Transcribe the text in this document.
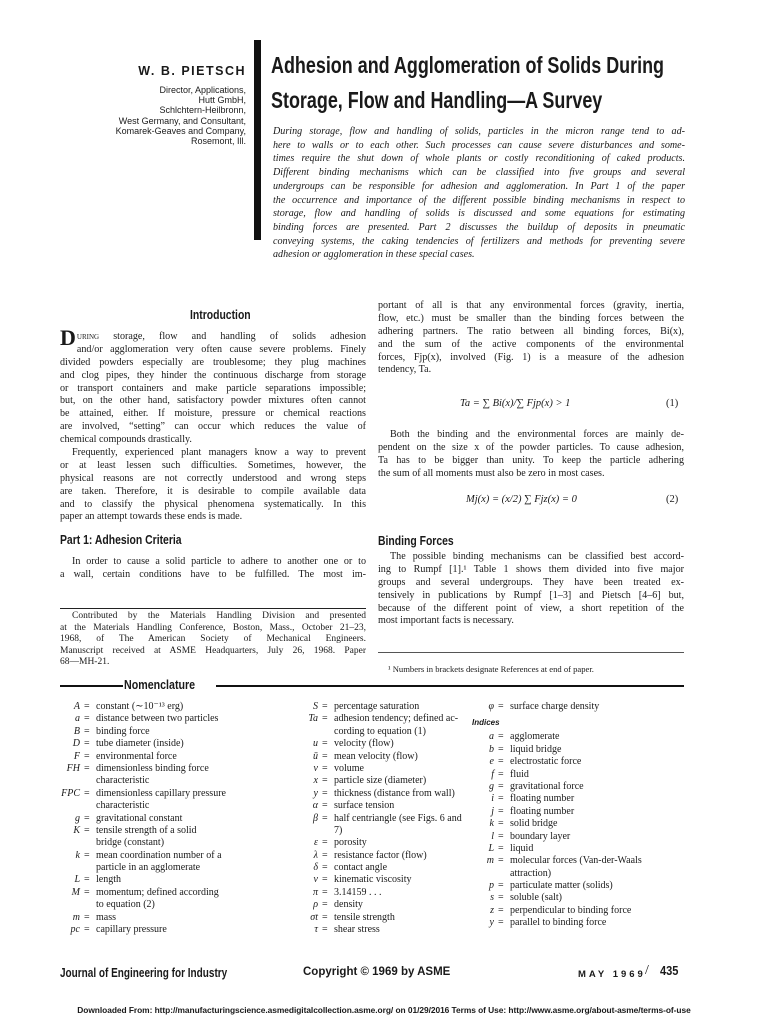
W. B. PIETSCH
Director, Applications,
Hutt GmbH,
Schlchtern-Heilbronn,
West Germany, and Consultant,
Komarek-Geaves and Company,
Rosemont, Ill.
Adhesion and Agglomeration of Solids During
Storage, Flow and Handling—A Survey
During storage, flow and handling of solids, particles in the micron range tend to ad-
here to walls or to each other. Such processes can cause severe disturbances and some-
times require the shut down of whole plants or costly reconditioning of caked products.
Different binding mechanisms which can be classified into five groups and several
undergroups can be responsible for adhesion and agglomeration. In Part 1 of the paper
the occurrence and importance of the different possible binding mechanisms in respect to
storage, flow and handling of solids is discussed and some equations for estimating
binding forces are presented. Part 2 discusses the buildup of deposits in pneumatic
conveying systems, the caking tendencies of fertilizers and methods for preventing severe
adhesion or agglomeration in these special cases.
Introduction
During storage, flow and handling of solids adhesion
and/or agglomeration very often cause severe problems. Finely
divided powders especially are troublesome; they plug machines
and clog pipes, they hinder the continuous discharge from storage
or transport containers and make particle separations impossible;
but, on the other hand, satisfactory powder mixtures often cannot
be attained, either. If moisture, pressure or chemical reactions
are involved, “setting” can occur which reduces the value of
chemical compounds drastically.
Frequently, experienced plant managers know a way to prevent
or at least lessen such difficulties. Sometimes, however, the
physical reasons are not correctly understood and wrong steps
are taken. Therefore, it is desirable to compile available data
and to classify the physical phenomena systematically. In this
paper an attempt towards these ends is made.
Part 1: Adhesion Criteria
In order to cause a solid particle to adhere to another one or to
a wall, certain conditions have to be fulfilled. The most im-
Contributed by the Materials Handling Division and presented
at the Materials Handling Conference, Boston, Mass., October 21–23,
1968, of The American Society of Mechanical Engineers.
Manuscript received at ASME Headquarters, July 26, 1968. Paper
68—MH-21.
portant of all is that any environmental forces (gravity, inertia,
flow, etc.) must be smaller than the binding forces between the
adhering partners. The ratio between all binding forces, Bi(x),
and the sum of the active components of the environmental
forces, Fjp(x), involved (Fig. 1) is a measure of the adhesion
tendency, Ta.
Ta = ∑ Bi(x)/∑ Fjp(x) > 1	(1)
Both the binding and the environmental forces are mainly de-
pendent on the size x of the powder particles. To cause adhesion,
Ta has to be bigger than unity. To keep the particle adhering
the sum of all moments must also be zero in most cases.
Mj(x) = (x/2) ∑ Fjz(x) = 0	(2)
Binding Forces
The possible binding mechanisms can be classified best accord-
ing to Rumpf [1].¹ Table 1 shows them divided into five major
groups and several undergroups. They have been treated ex-
tensively in publications by Rumpf [1–3] and Pietsch [4–6] but,
because of the different point of view, a short repetition of the
most important facts is necessary.
¹ Numbers in brackets designate References at end of paper.
Nomenclature
A = constant (∼10⁻¹³ erg)
a = distance between two particles
B = binding force
D = tube diameter (inside)
F = environmental force
FH = dimensionless binding force
characteristic
FPC = dimensionless capillary pressure
characteristic
g = gravitational constant
K = tensile strength of a solid
bridge (constant)
k = mean coordination number of a
particle in an agglomerate
L = length
M = momentum; defined according
to equation (2)
m = mass
pc = capillary pressure
S = percentage saturation
Ta = adhesion tendency; defined ac-
cording to equation (1)
u = velocity (flow)
ū = mean velocity (flow)
v = volume
x = particle size (diameter)
y = thickness (distance from wall)
α = surface tension
β = half centriangle (see Figs. 6 and
7)
ε = porosity
λ = resistance factor (flow)
δ = contact angle
ν = kinematic viscosity
π = 3.14159 . . .
ρ = density
σt = tensile strength
τ = shear stress
φ = surface charge density
Indices
a = agglomerate
b = liquid bridge
e = electrostatic force
f = fluid
g = gravitational force
i = floating number
j = floating number
k = solid bridge
l = boundary layer
L = liquid
m = molecular forces (Van-der-Waals
attraction)
p = particulate matter (solids)
s = soluble (salt)
z = perpendicular to binding force
y = parallel to binding force
Journal of Engineering for Industry	Copyright © 1969 by ASME	MAY 1969 / 435
Downloaded From: http://manufacturingscience.asmedigitalcollection.asme.org/ on 01/29/2016 Terms of Use: http://www.asme.org/about-asme/terms-of-use
